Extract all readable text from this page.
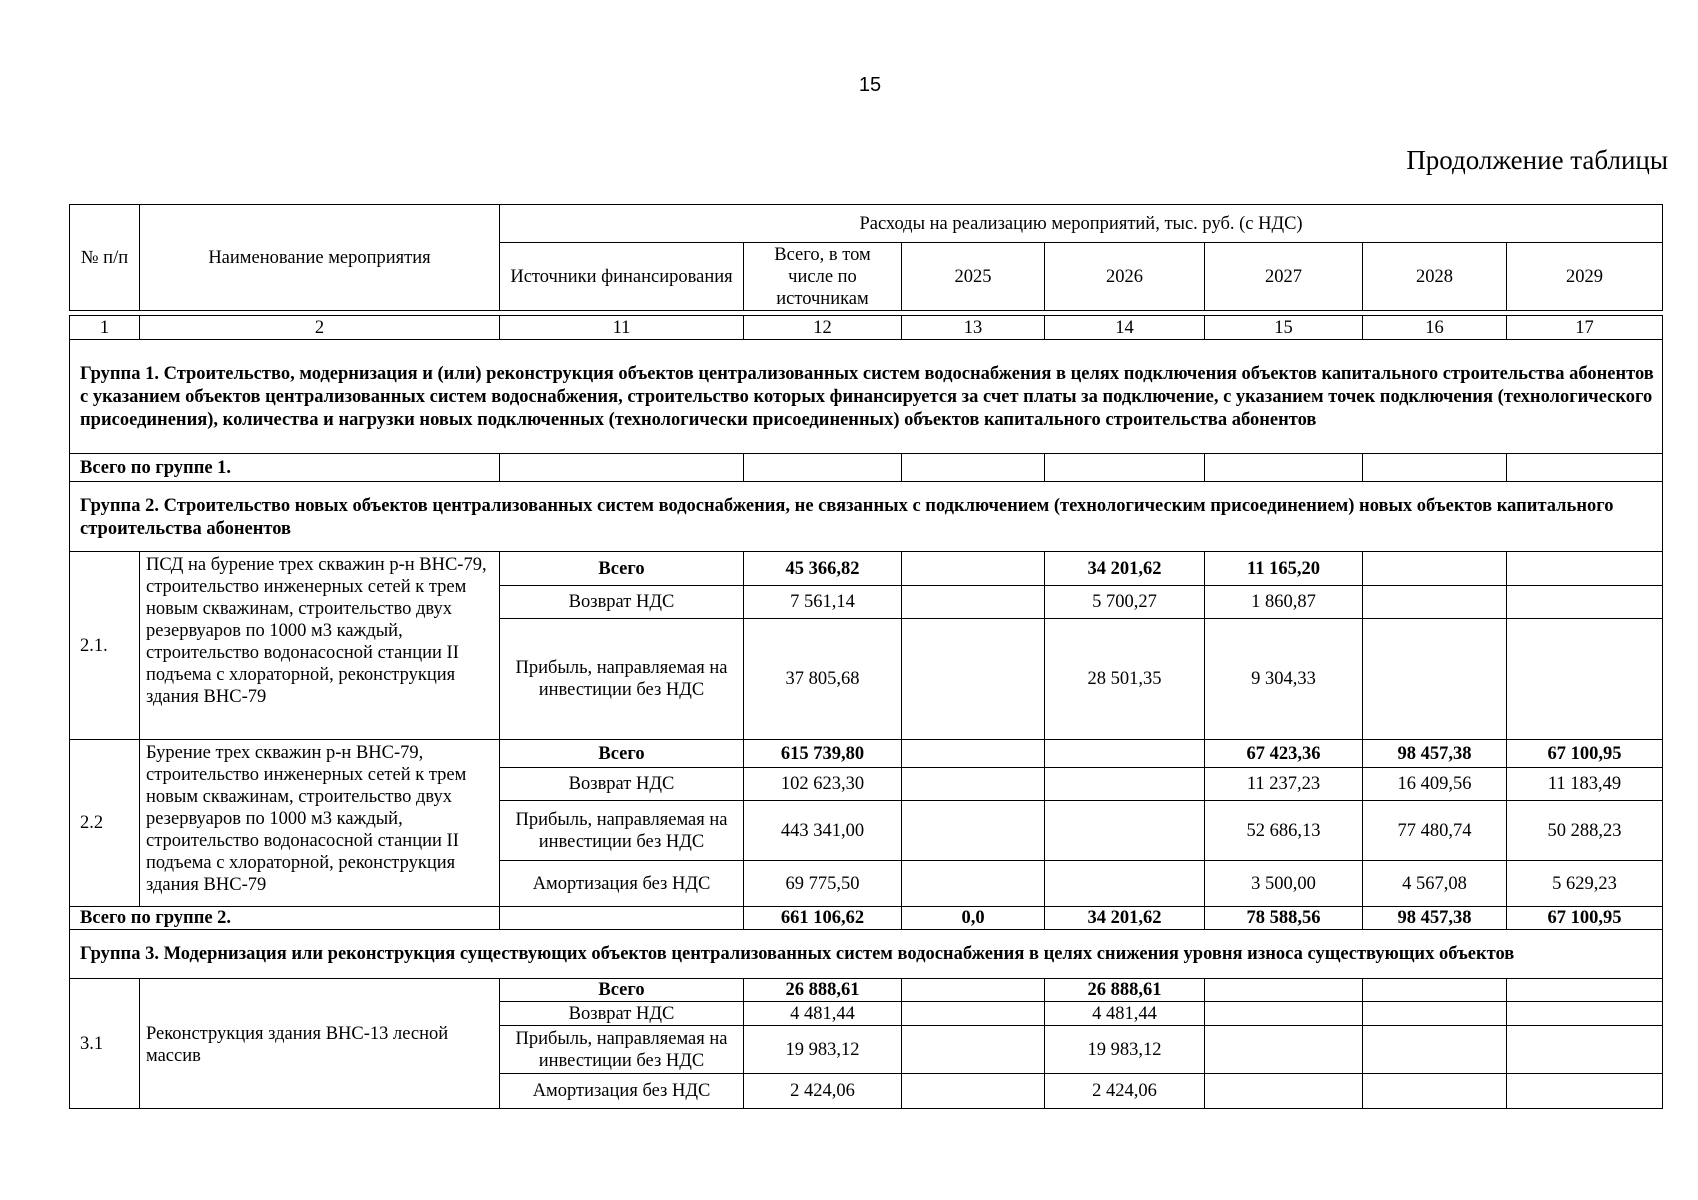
15
Продолжение таблицы
№ п/п	Наименование мероприятия	Расходы на реализацию мероприятий, тыс. руб. (с НДС)						
		Источники финансирования	Всего, в том числе по источникам	2025	2026	2027	2028	2029

1	2	11	12	13	14	15	16	17
Группа 1. Строительство, модернизация и (или) реконструкция объектов централизованных систем водоснабжения в целях подключения объектов капитального строительства абонентов с указанием объектов централизованных систем водоснабжения, строительство которых финансируется за счет платы за подключение, с указанием точек подключения (технологического присоединения), количества и нагрузки новых подключенных (технологически присоединенных) объектов капитального строительства абонентов								
Всего по группе 1.								
Группа 2. Строительство новых объектов централизованных систем водоснабжения, не связанных с подключением (технологическим присоединением) новых объектов капитального строительства абонентов								
2.1.	ПСД на бурение трех скважин р-н ВНС-79, строительство инженерных сетей к трем новым скважинам, строительство двух резервуаров по 1000 м3 каждый, строительство водонасосной станции II подъема с хлораторной, реконструкция здания ВНС-79	Всего	45 366,82		34 201,62	11 165,20		
		Возврат НДС	7 561,14		5 700,27	1 860,87		
		Прибыль, направляемая на инвестиции без НДС	37 805,68		28 501,35	9 304,33		
2.2	Бурение трех скважин р-н ВНС-79, строительство инженерных сетей к трем новым скважинам, строительство двух резервуаров по 1000 м3 каждый, строительство водонасосной станции II подъема с хлораторной, реконструкция здания ВНС-79	Всего	615 739,80			67 423,36	98 457,38	67 100,95
		Возврат НДС	102 623,30			11 237,23	16 409,56	11 183,49
		Прибыль, направляемая на инвестиции без НДС	443 341,00			52 686,13	77 480,74	50 288,23
		Амортизация без НДС	69 775,50			3 500,00	4 567,08	5 629,23
Всего по группе 2.			661 106,62	0,0	34 201,62	78 588,56	98 457,38	67 100,95
Группа 3. Модернизация или реконструкция существующих объектов централизованных систем водоснабжения в целях снижения уровня износа существующих объектов								
3.1	Реконструкция здания ВНС-13 лесной массив	Всего	26 888,61		26 888,61			
		Возврат НДС	4 481,44		4 481,44			
		Прибыль, направляемая на инвестиции без НДС	19 983,12		19 983,12			
		Амортизация без НДС	2 424,06		2 424,06			
